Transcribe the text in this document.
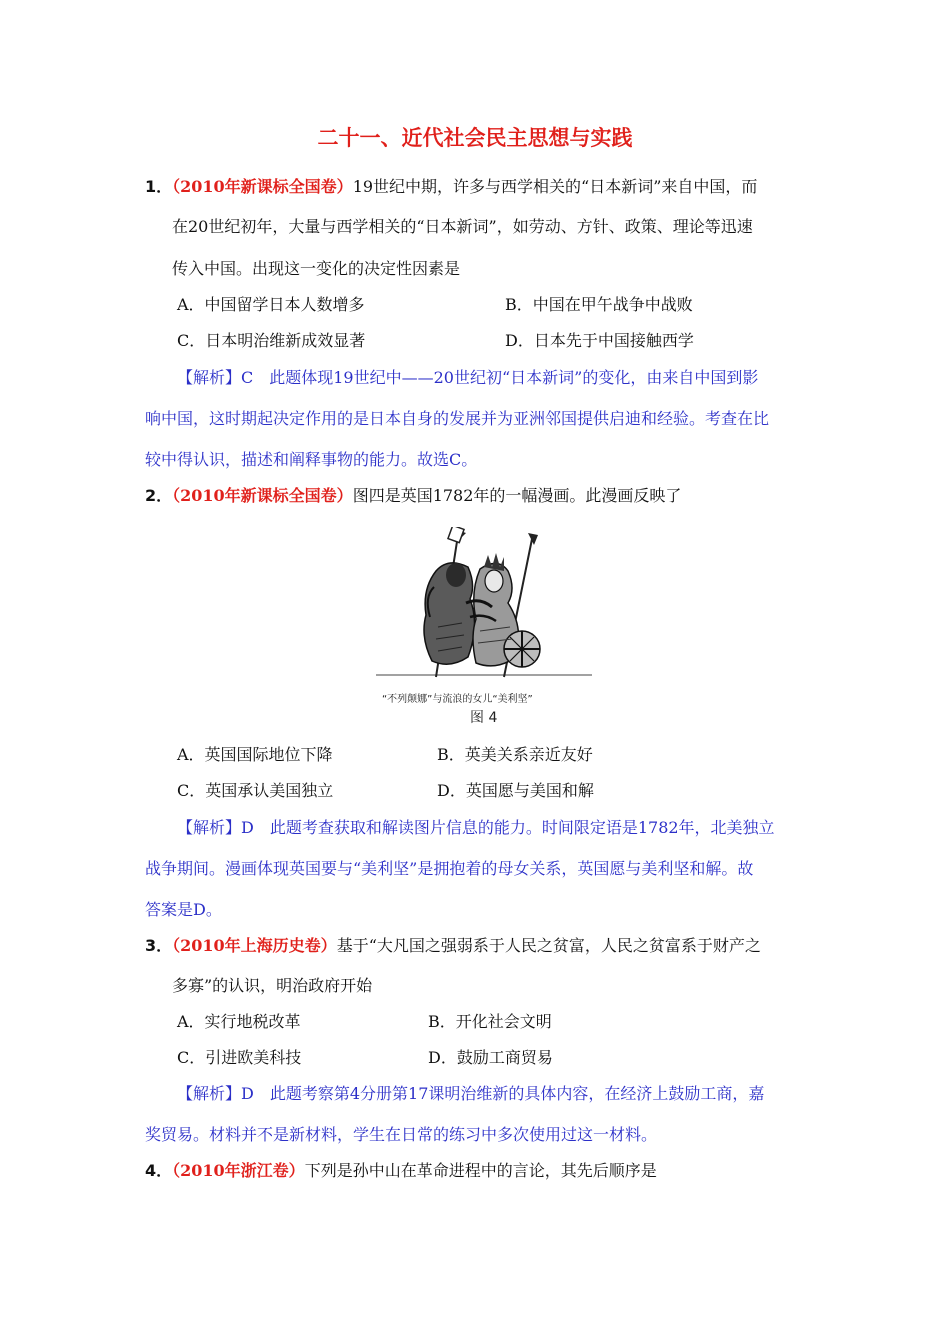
二十一、近代社会民主思想与实践
1．（2010年新课标全国卷）19世纪中期，许多与西学相关的“日本新词”来自中国，而
在20世纪初年，大量与西学相关的“日本新词”，如劳动、方针、政策、理论等迅速
传入中国。出现这一变化的决定性因素是
A．中国留学日本人数增多	B．中国在甲午战争中战败
C．日本明治维新成效显著	D．日本先于中国接触西学
【解析】C　此题体现19世纪中——20世纪初“日本新词”的变化，由来自中国到影
响中国，这时期起决定作用的是日本自身的发展并为亚洲邻国提供启迪和经验。考查在比
较中得认识，描述和阐释事物的能力。故选C。
2．（2010年新课标全国卷）图四是英国1782年的一幅漫画。此漫画反映了
“不列颠娜”与流浪的女儿“美利坚”
图 4
A．英国国际地位下降	B．英美关系亲近友好
C．英国承认美国独立	D．英国愿与美国和解
【解析】D　此题考查获取和解读图片信息的能力。时间限定语是1782年，北美独立
战争期间。漫画体现英国要与“美利坚”是拥抱着的母女关系，英国愿与美利坚和解。故
答案是D。
3．（2010年上海历史卷）基于“大凡国之强弱系于人民之贫富，人民之贫富系于财产之
多寡”的认识，明治政府开始
A．实行地税改革	B．开化社会文明
C．引进欧美科技	D．鼓励工商贸易
【解析】D　此题考察第4分册第17课明治维新的具体内容，在经济上鼓励工商，嘉
奖贸易。材料并不是新材料，学生在日常的练习中多次使用过这一材料。
4．（2010年浙江卷）下列是孙中山在革命进程中的言论，其先后顺序是
